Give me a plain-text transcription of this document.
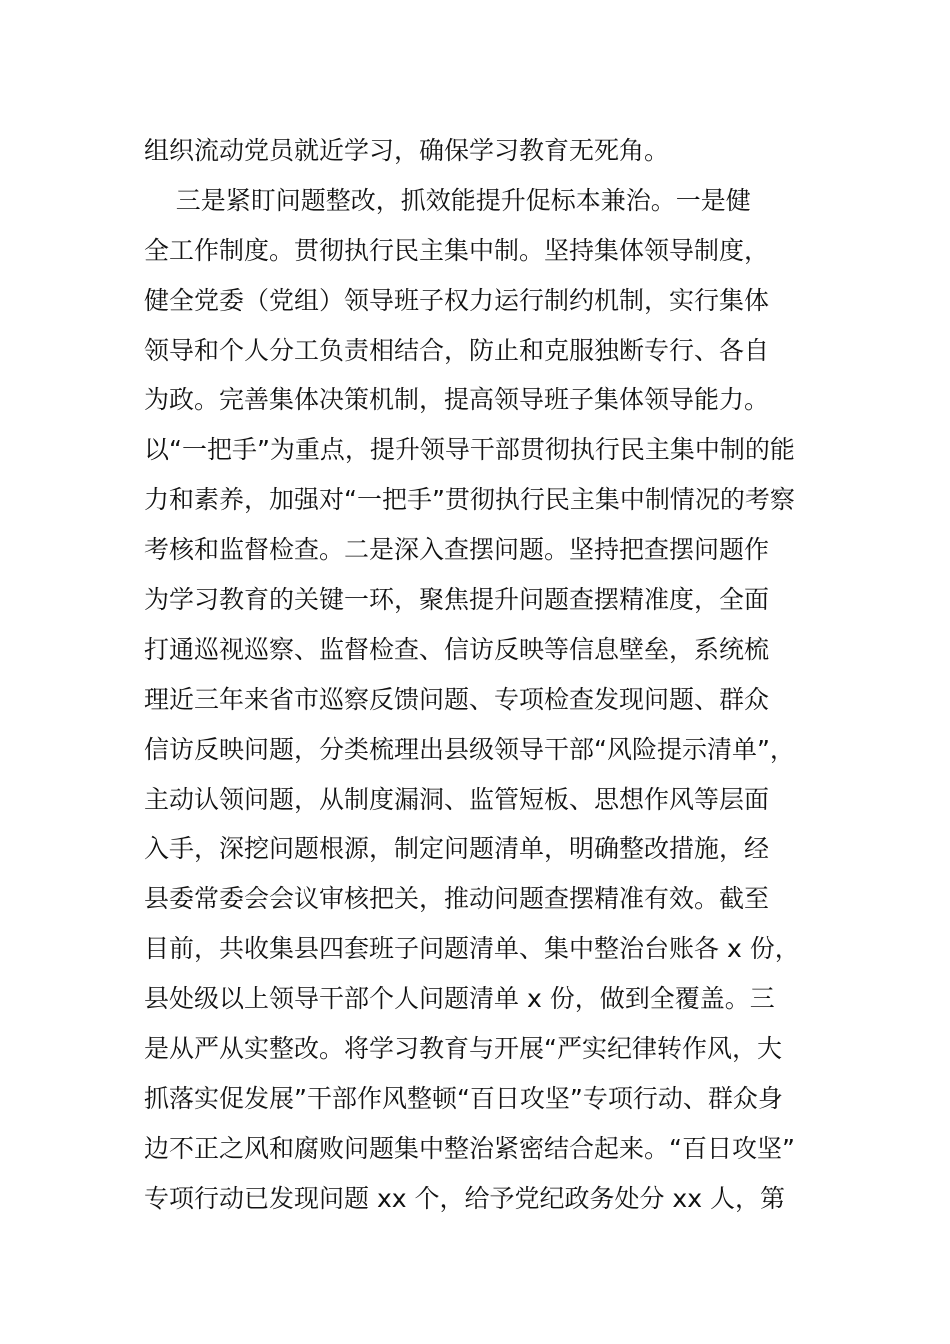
组织流动党员就近学习，确保学习教育无死角。
三是紧盯问题整改，抓效能提升促标本兼治。一是健
全工作制度。贯彻执行民主集中制。坚持集体领导制度，
健全党委（党组）领导班子权力运行制约机制，实行集体
领导和个人分工负责相结合，防止和克服独断专行、各自
为政。完善集体决策机制，提高领导班子集体领导能力。
以“一把手”为重点，提升领导干部贯彻执行民主集中制的能
力和素养，加强对“一把手”贯彻执行民主集中制情况的考察
考核和监督检查。二是深入查摆问题。坚持把查摆问题作
为学习教育的关键一环，聚焦提升问题查摆精准度，全面
打通巡视巡察、监督检查、信访反映等信息壁垒，系统梳
理近三年来省市巡察反馈问题、专项检查发现问题、群众
信访反映问题，分类梳理出县级领导干部“风险提示清单”，
主动认领问题，从制度漏洞、监管短板、思想作风等层面
入手，深挖问题根源，制定问题清单，明确整改措施，经
县委常委会会议审核把关，推动问题查摆精准有效。截至
目前，共收集县四套班子问题清单、集中整治台账各 x 份，
县处级以上领导干部个人问题清单 x 份，做到全覆盖。三
是从严从实整改。将学习教育与开展“严实纪律转作风，大
抓落实促发展”干部作风整顿“百日攻坚”专项行动、群众身
边不正之风和腐败问题集中整治紧密结合起来。“百日攻坚”
专项行动已发现问题 xx 个，给予党纪政务处分 xx 人，第
